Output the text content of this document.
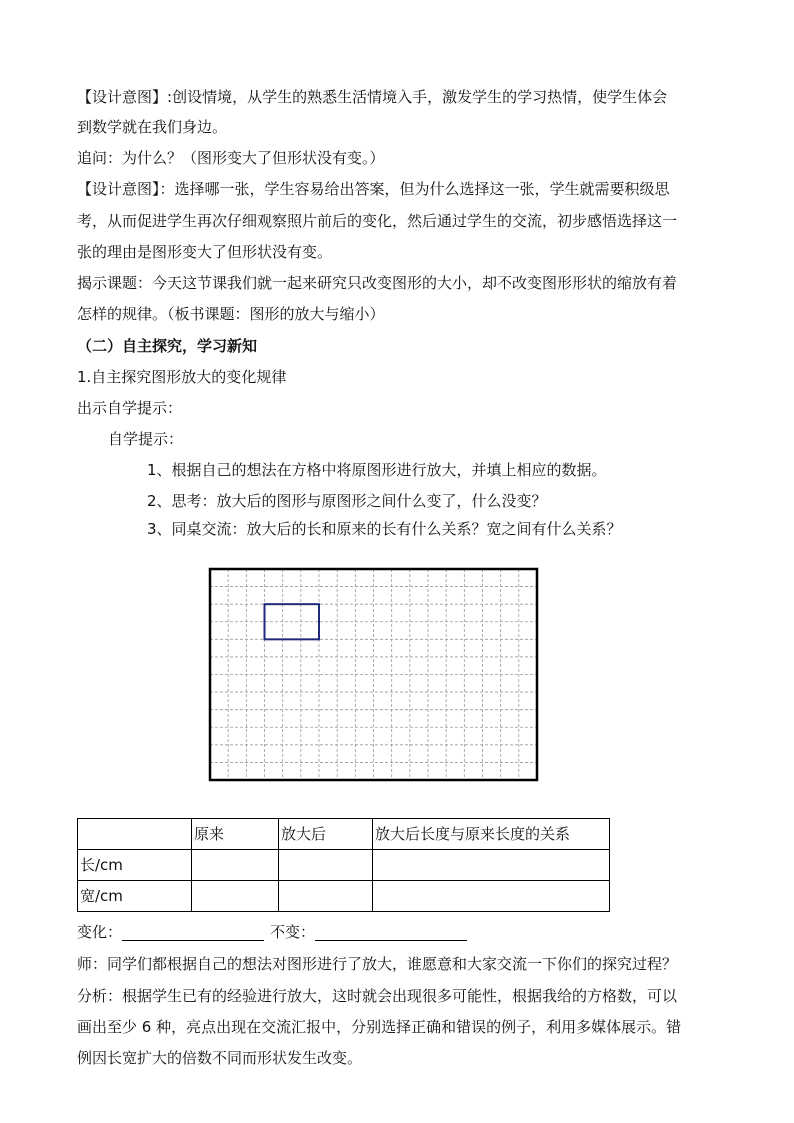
【设计意图】:创设情境，从学生的熟悉生活情境入手，激发学生的学习热情，使学生体会
到数学就在我们身边。
追问：为什么？（图形变大了但形状没有变。）
【设计意图】：选择哪一张，学生容易给出答案，但为什么选择这一张，学生就需要积级思
考，从而促进学生再次仔细观察照片前后的变化，然后通过学生的交流，初步感悟选择这一
张的理由是图形变大了但形状没有变。
揭示课题：今天这节课我们就一起来研究只改变图形的大小，却不改变图形形状的缩放有着
怎样的规律。（板书课题：图形的放大与缩小）
（二）自主探究，学习新知
1.自主探究图形放大的变化规律
出示自学提示：
自学提示：
1、根据自己的想法在方格中将原图形进行放大，并填上相应的数据。
2、思考：放大后的图形与原图形之间什么变了，什么没变？
3、同桌交流：放大后的长和原来的长有什么关系？宽之间有什么关系？
	原来	放大后	放大后长度与原来长度的关系
长/cm			
宽/cm			
变化：	不变：
师：同学们都根据自己的想法对图形进行了放大，谁愿意和大家交流一下你们的探究过程？
分析：根据学生已有的经验进行放大，这时就会出现很多可能性，根据我给的方格数，可以
画出至少 6 种，亮点出现在交流汇报中，分别选择正确和错误的例子，利用多媒体展示。错
例因长宽扩大的倍数不同而形状发生改变。
